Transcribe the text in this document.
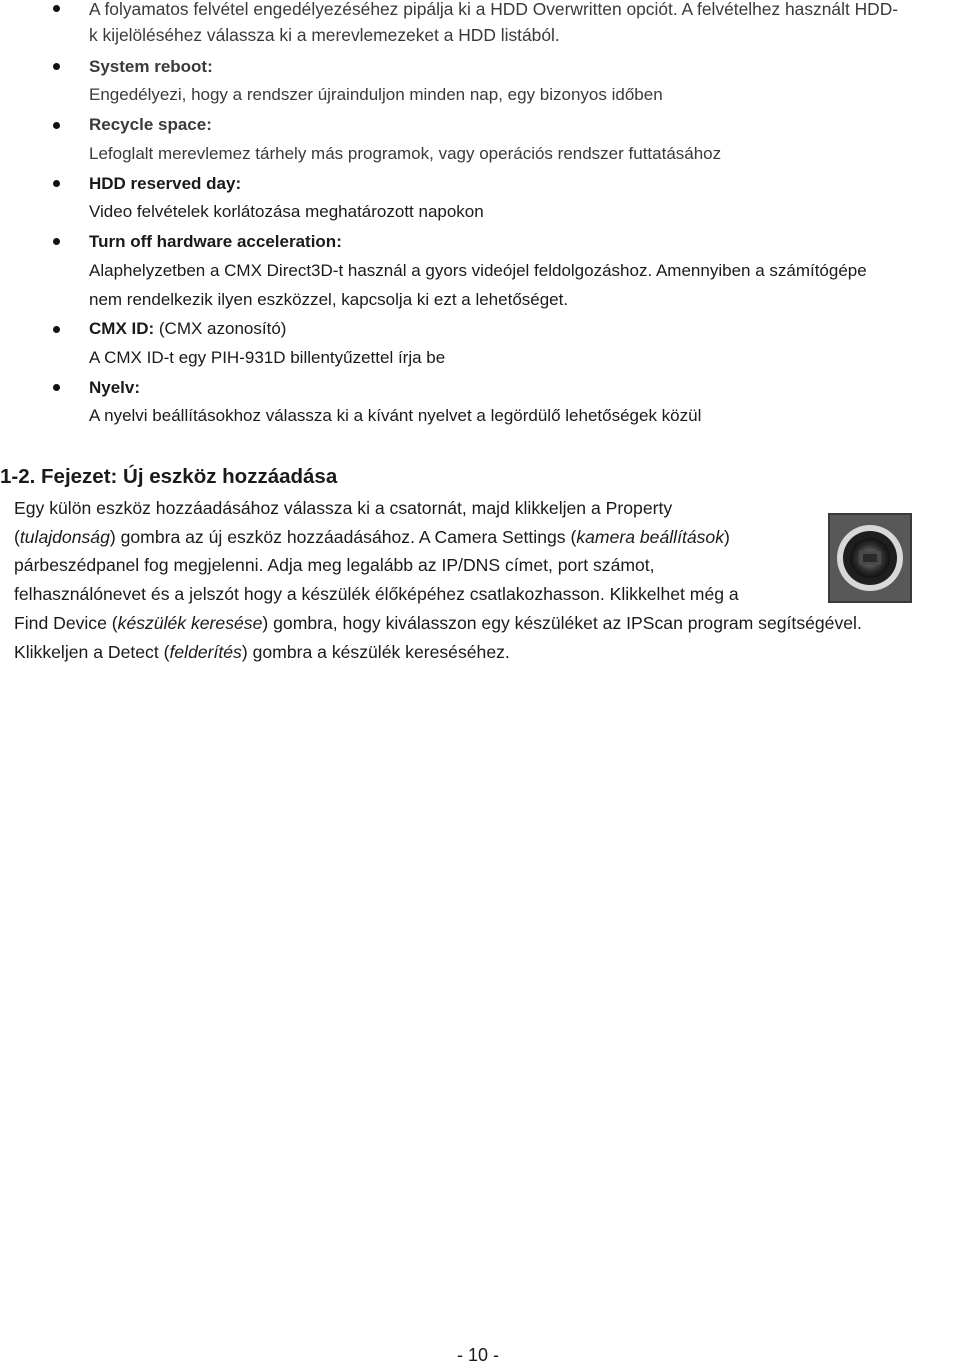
A folyamatos felvétel engedélyezéséhez pipálja ki a HDD Overwritten opciót. A felvételhez használt HDD-
k kijelöléséhez válassza ki a merevlemezeket a HDD listából.
System reboot:
Engedélyezi, hogy a rendszer újrainduljon minden nap, egy bizonyos időben
Recycle space:
Lefoglalt merevlemez tárhely más programok, vagy operációs rendszer futtatásához
HDD reserved day:
Video felvételek korlátozása meghatározott napokon
Turn off hardware acceleration:
Alaphelyzetben a CMX Direct3D-t használ a gyors videójel feldolgozáshoz. Amennyiben a számítógépe
nem rendelkezik ilyen eszközzel, kapcsolja ki ezt a lehetőséget.
CMX ID: (CMX azonosító)
A CMX ID-t egy PIH-931D billentyűzettel írja be
Nyelv:
A nyelvi beállításokhoz válassza ki a kívánt nyelvet a legördülő lehetőségek közül
1-2. Fejezet: Új eszköz hozzáadása
Egy külön eszköz hozzáadásához válassza ki a csatornát, majd klikkeljen a Property
(tulajdonság) gombra az új eszköz hozzáadásához. A Camera Settings (kamera beállítások)
párbeszédpanel fog megjelenni. Adja meg legalább az IP/DNS címet, port számot,
felhasználónevet és a jelszót hogy a készülék élőképéhez csatlakozhasson. Klikkelhet még a
Find Device (készülék keresése) gombra, hogy kiválasszon egy készüléket az IPScan program segítségével.
Klikkeljen a Detect (felderítés) gombra a készülék kereséséhez.
- 10 -
